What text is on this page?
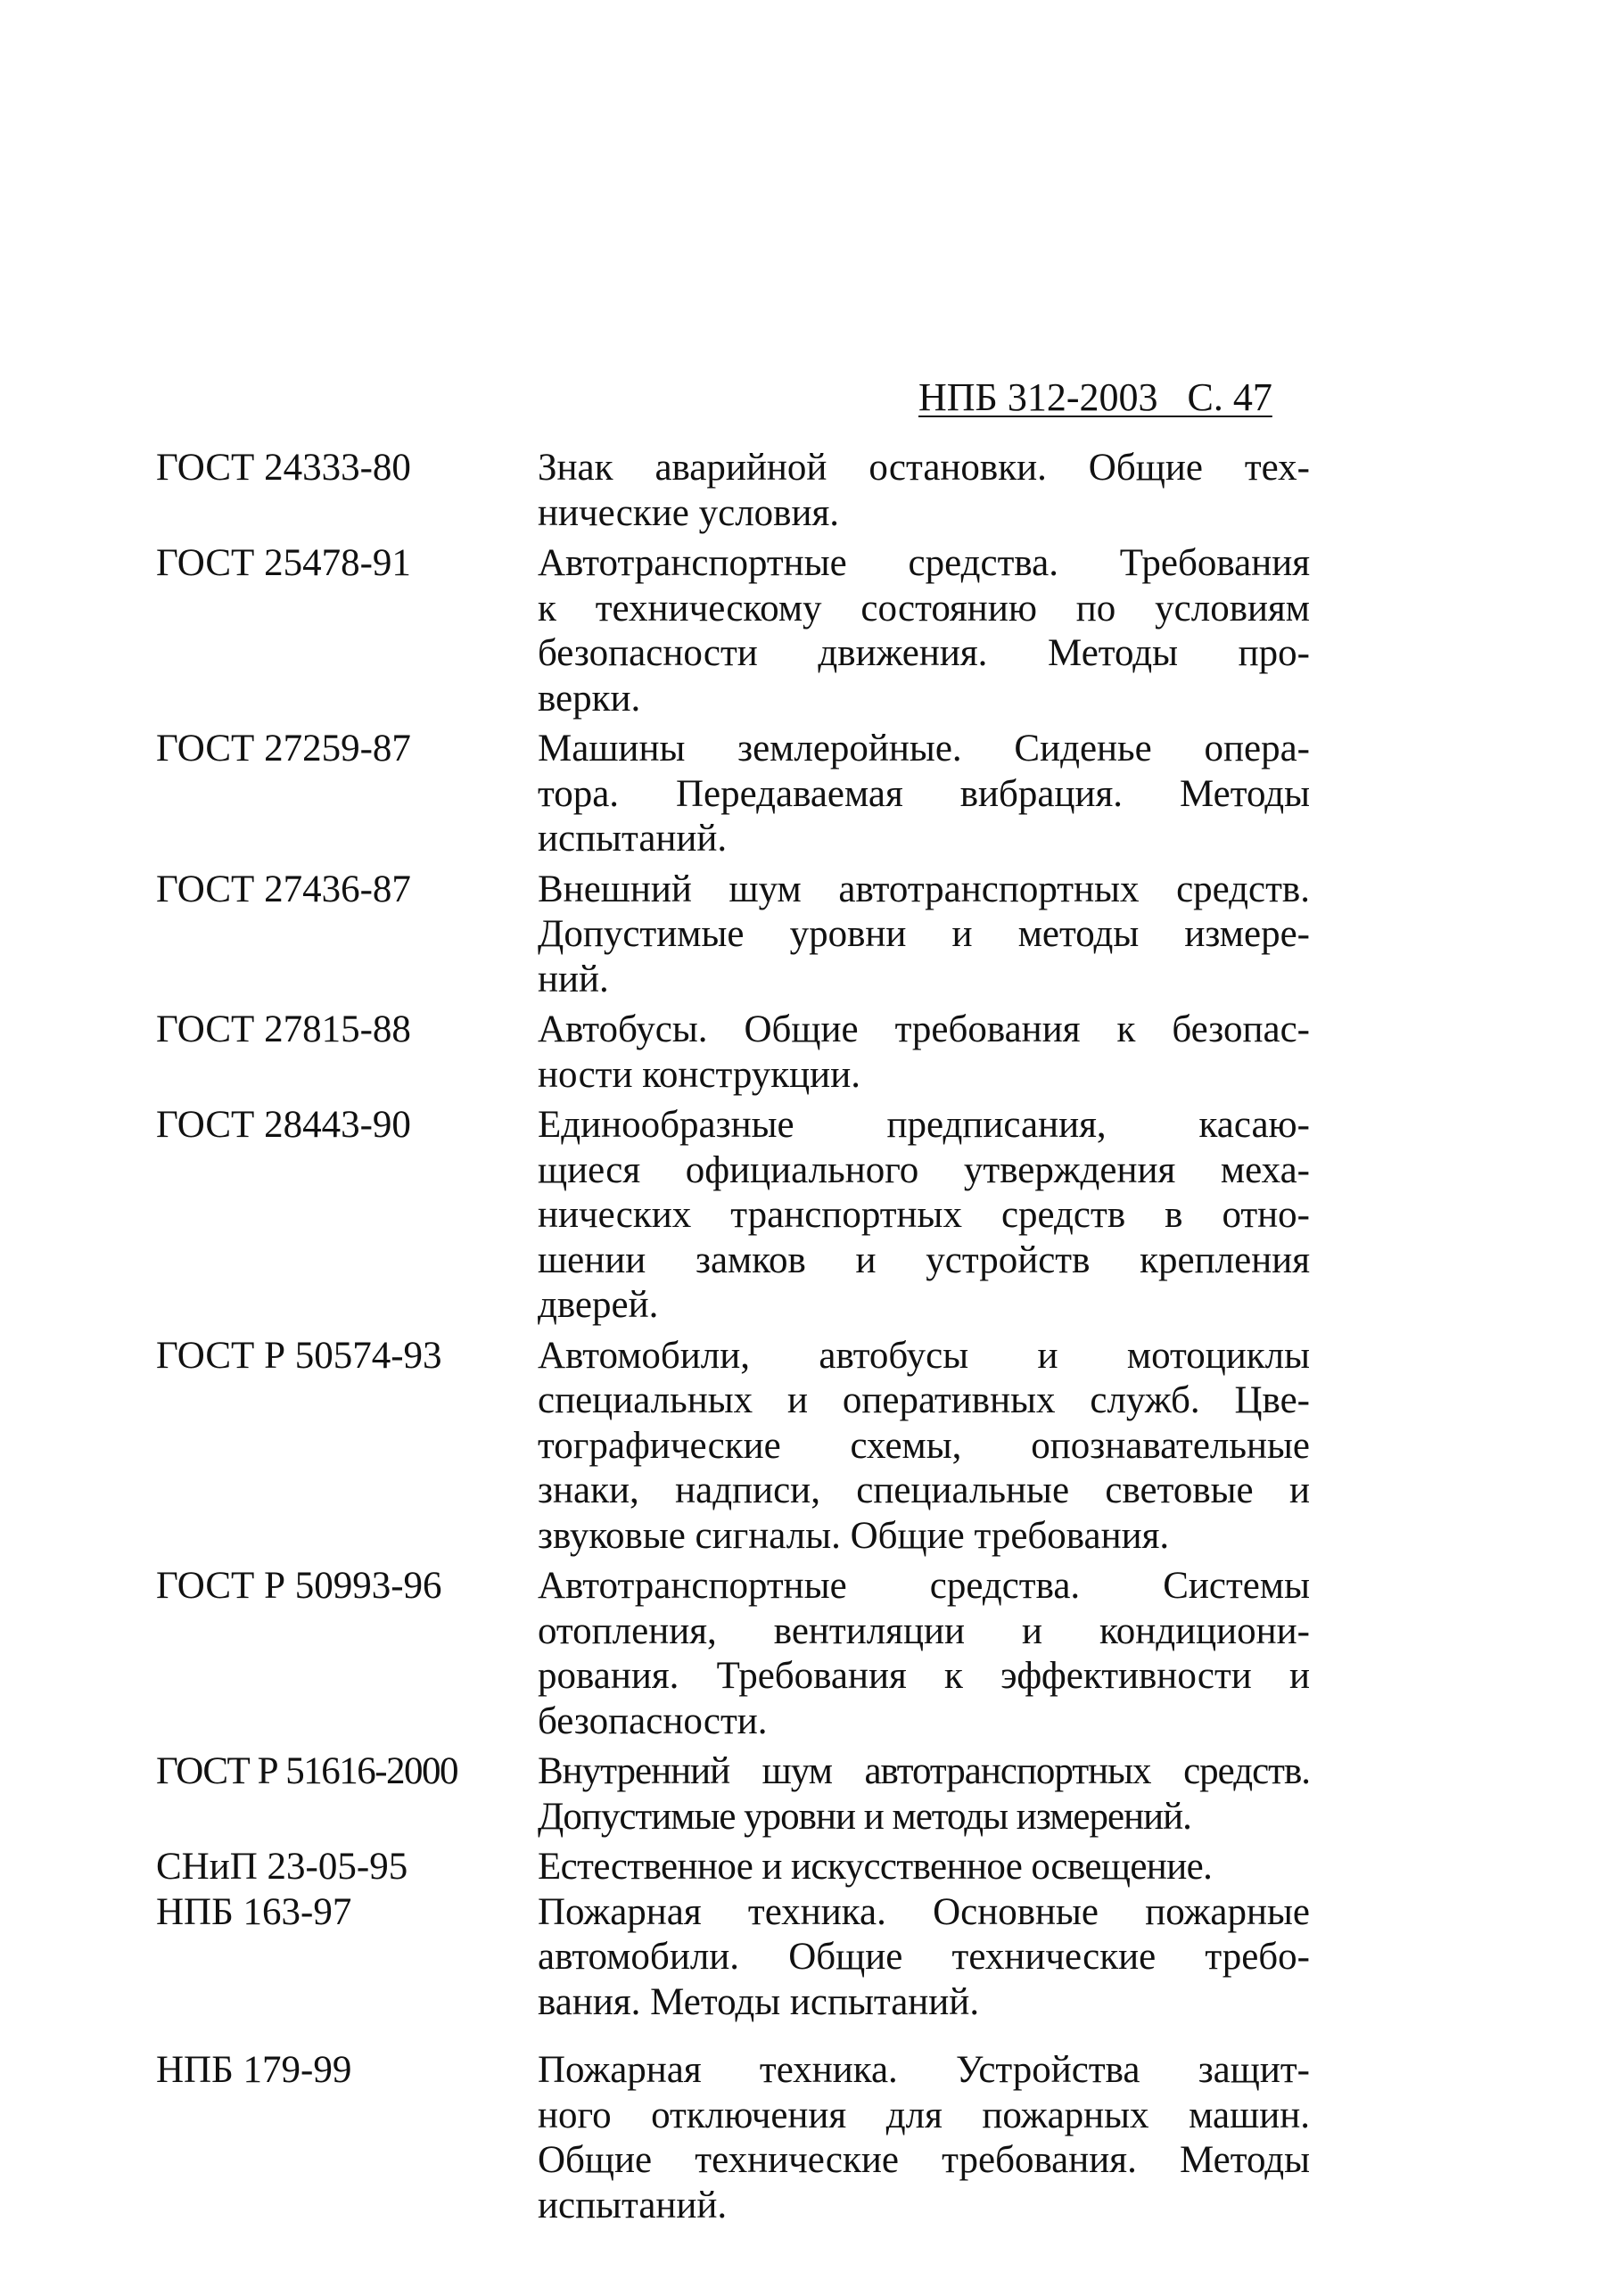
НПБ 312-2003 С. 47
ГОСТ 24333-80	Знак аварийной остановки. Общие тех-
нические условия.
ГОСТ 25478-91	Автотранспортные средства. Требования
к техническому состоянию по условиям
безопасности движения. Методы про-
верки.
ГОСТ 27259-87	Машины землеройные. Сиденье опера-
тора. Передаваемая вибрация. Методы
испытаний.
ГОСТ 27436-87	Внешний шум автотранспортных средств.
Допустимые уровни и методы измере-
ний.
ГОСТ 27815-88	Автобусы. Общие требования к безопас-
ности конструкции.
ГОСТ 28443-90	Единообразные предписания, касаю-
щиеся официального утверждения меха-
нических транспортных средств в отно-
шении замков и устройств крепления
дверей.
ГОСТ Р 50574-93	Автомобили, автобусы и мотоциклы
специальных и оперативных служб. Цве-
тографические схемы, опознавательные
знаки, надписи, специальные световые и
звуковые сигналы. Общие требования.
ГОСТ Р 50993-96	Автотранспортные средства. Системы
отопления, вентиляции и кондициони-
рования. Требования к эффективности и
безопасности.
ГОСТ Р 51616-2000	Внутренний шум автотранспортных средств.
Допустимые уровни и методы измерений.
СНиП 23-05-95	Естественное и искусственное освещение.
НПБ 163-97	Пожарная техника. Основные пожарные
автомобили. Общие технические требо-
вания. Методы испытаний.
НПБ 179-99	Пожарная техника. Устройства защит-
ного отключения для пожарных машин.
Общие технические требования. Методы
испытаний.
